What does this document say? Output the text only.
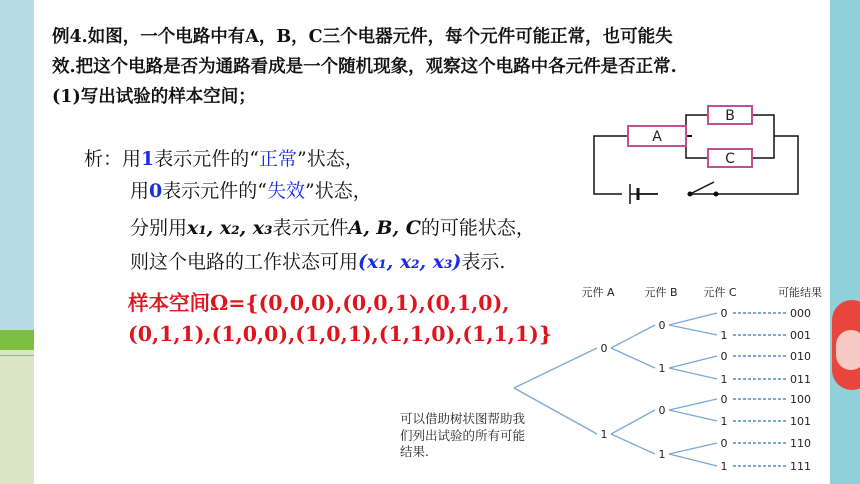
例4.如图，一个电路中有A，B，C三个电器元件，每个元件可能正常，也可能失

效.把这个电路是否为通路看成是一个随机现象，观察这个电路中各元件是否正常.

(1)写出试验的样本空间；

析：用1表示元件的“正常”状态，
用0表示元件的“失效”状态，
分别用x₁, x₂, x₃表示元件A, B, C的可能状态，
则这个电路的工作状态可用(x₁, x₂, x₃)表示.
样本空间Ω={(0,0,0),(0,0,1),(0,1,0),
(0,1,1),(1,0,0),(1,0,1),(1,1,0),(1,1,1)}
A
B
C
元件 A	元件 B 元件 C	可能结果
0
1
0
1
0
1
0	000
1	001
0	010
1	011
0	100
1	101
0	110
1	111
可以借助树状图帮助我们列出试验的所有可能结果.
